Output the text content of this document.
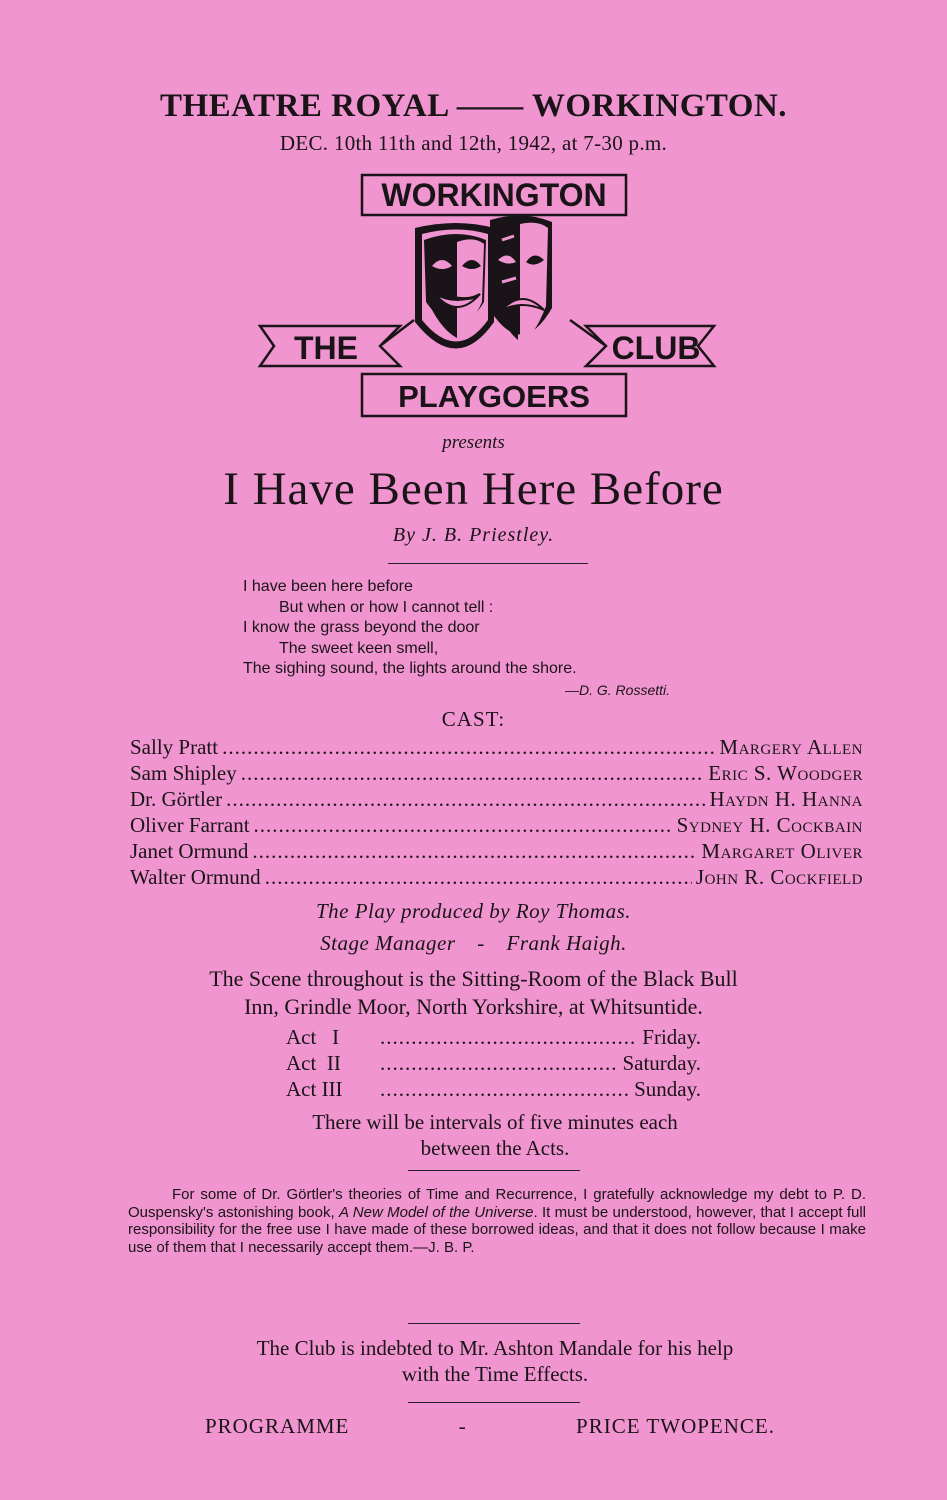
THEATRE ROYAL —— WORKINGTON.
DEC. 10th 11th and 12th, 1942, at 7-30 p.m.
WORKINGTON
THE	CLUB
PLAYGOERS
presents
I Have Been Here Before
By J. B. Priestley.
I have been here before
But when or how I cannot tell :
I know the grass beyond the door
The sweet keen smell,
The sighing sound, the lights around the shore.
—D. G. Rossetti.
CAST:
Sally Pratt .....	Margery Allen
Sam Shipley .....	Eric S. Woodger
Dr. Görtler .....	Haydn H. Hanna
Oliver Farrant .....	Sydney H. Cockbain
Janet Ormund .....	Margaret Oliver
Walter Ormund .....	John R. Cockfield
The Play produced by Roy Thomas.
Stage Manager - Frank Haigh.
The Scene throughout is the Sitting-Room of the Black Bull
Inn, Grindle Moor, North Yorkshire, at Whitsuntide.
Act   I .....	Friday.
Act  II .....	Saturday.
Act III .....	Sunday.
There will be intervals of five minutes each
between the Acts.

For some of Dr. Görtler's theories of Time and Recurrence, I gratefully acknowledge my debt to P. D. Ouspensky's astonishing book, A New Model of the Universe. It must be understood, however, that I accept full responsibility for the free use I have made of these borrowed ideas, and that it does not follow because I make use of them that I necessarily accept them.—J. B. P.

The Club is indebted to Mr. Ashton Mandale for his help
with the Time Effects.
PROGRAMME	-	PRICE TWOPENCE.
